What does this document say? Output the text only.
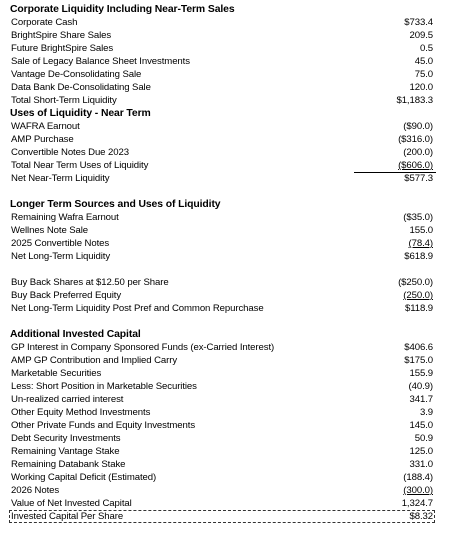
Corporate Liquidity Including Near-Term Sales
Corporate Cash	$733.4
BrightSpire Share Sales	209.5
Future BrightSpire Sales	0.5
Sale of Legacy Balance Sheet Investments	45.0
Vantage De-Consolidating Sale	75.0
Data Bank De-Consolidating Sale	120.0
Total Short-Term Liquidity	$1,183.3
Uses of Liquidity - Near Term
WAFRA Earnout	($90.0)
AMP Purchase	($316.0)
Convertible Notes Due 2023	(200.0)
Total Near Term Uses of Liquidity	($606.0)
Net Near-Term Liquidity	$577.3
Longer Term Sources and Uses of Liquidity
Remaining Wafra Earnout	($35.0)
Wellnes Note Sale	155.0
2025 Convertible Notes	(78.4)
Net Long-Term Liquidity	$618.9
Buy Back Shares at $12.50 per Share	($250.0)
Buy Back Preferred Equity	(250.0)
Net Long-Term Liquidity Post Pref and Common Repurchase	$118.9
Additional Invested Capital
GP Interest in Company Sponsored Funds (ex-Carried Interest)	$406.6
AMP GP Contribution and Implied Carry	$175.0
Marketable Securities	155.9
Less: Short Position in Marketable Securities	(40.9)
Un-realized carried interest	341.7
Other Equity Method Investments	3.9
Other Private Funds and Equity Investments	145.0
Debt Security Investments	50.9
Remaining Vantage Stake	125.0
Remaining Databank Stake	331.0
Working Capital Deficit (Estimated)	(188.4)
2026 Notes	(300.0)
Value of Net Invested Capital	1,324.7
Invested Capital Per Share	$8.32
